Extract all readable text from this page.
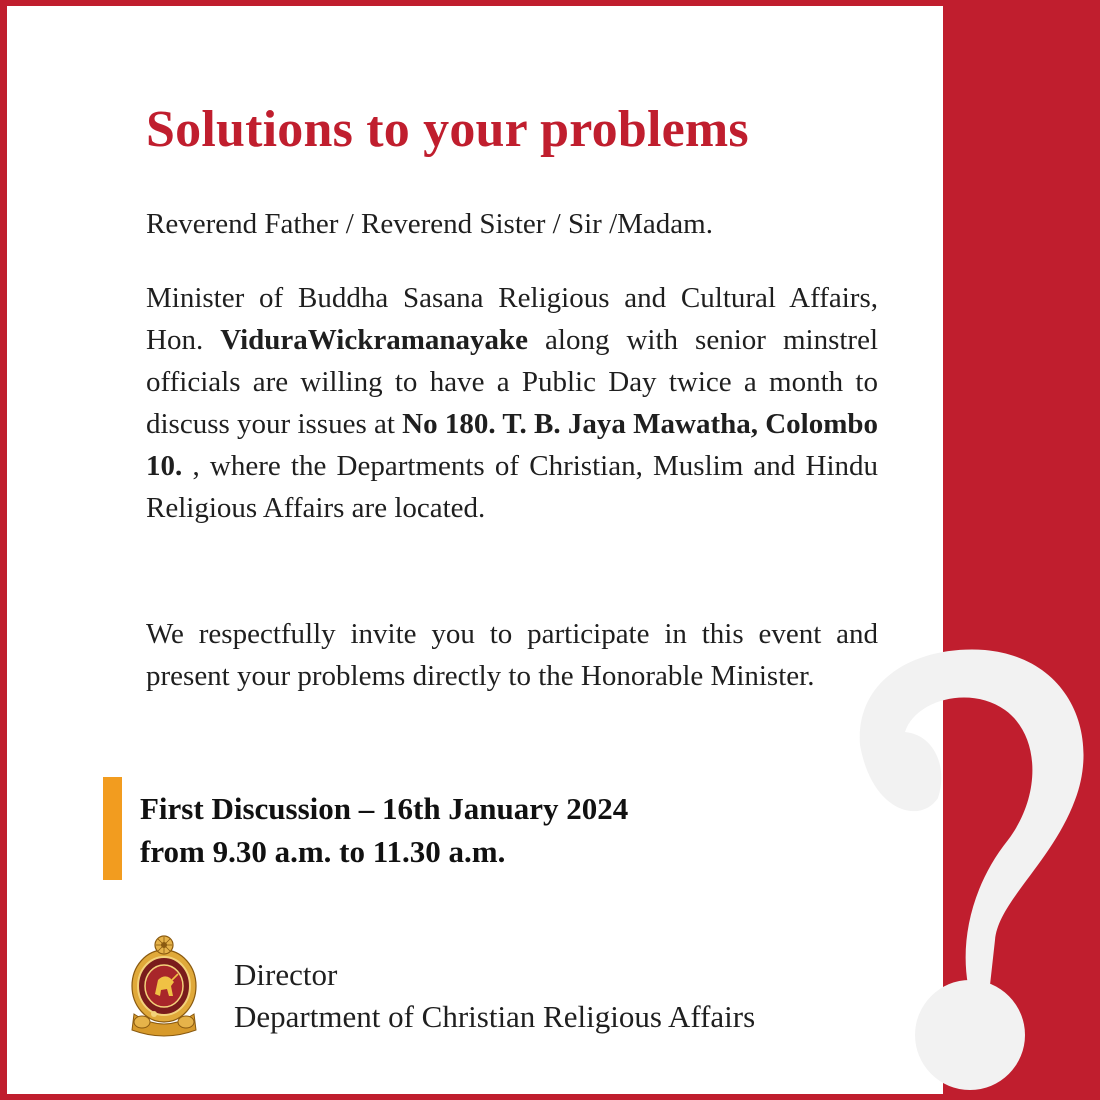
Solutions to your problems

Reverend Father / Reverend Sister / Sir /Madam.

Minister of Buddha Sasana Religious and Cultural Affairs, Hon. ViduraWickramanayake along with senior minstrel officials are willing to have a Public Day twice a month to discuss your issues at No 180. T. B. Jaya Mawatha, Colombo 10. , where the Departments of Christian, Muslim and Hindu Religious Affairs are located.

We respectfully invite you to participate in this event and present your problems directly to the Honorable Minister.

First Discussion – 16th January 2024
from 9.30 a.m. to 11.30 a.m.
Director
Department of Christian Religious Affairs
